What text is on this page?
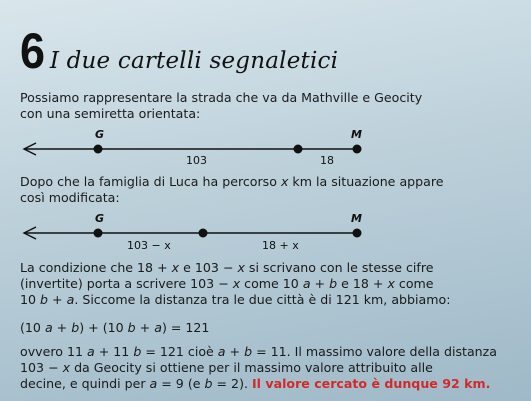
6 I due cartelli segnaletici

Possiamo rappresentare la strada che va da Mathville e Geocity
con una semiretta orientata:

G	M
103	18

Dopo che la famiglia di Luca ha percorso x km la situazione appare
così modificata:

G	M
103 − x	18 + x

La condizione che 18 + x e 103 − x si scrivano con le stesse cifre
(invertite) porta a scrivere 103 − x come 10 a + b e 18 + x come
10 b + a. Siccome la distanza tra le due città è di 121 km, abbiamo:

(10 a + b) + (10 b + a) = 121

ovvero 11 a + 11 b = 121 cioè a + b = 11. Il massimo valore della distanza
103 − x da Geocity si ottiene per il massimo valore attribuito alle
decine, e quindi per a = 9 (e b = 2). Il valore cercato è dunque 92 km.
